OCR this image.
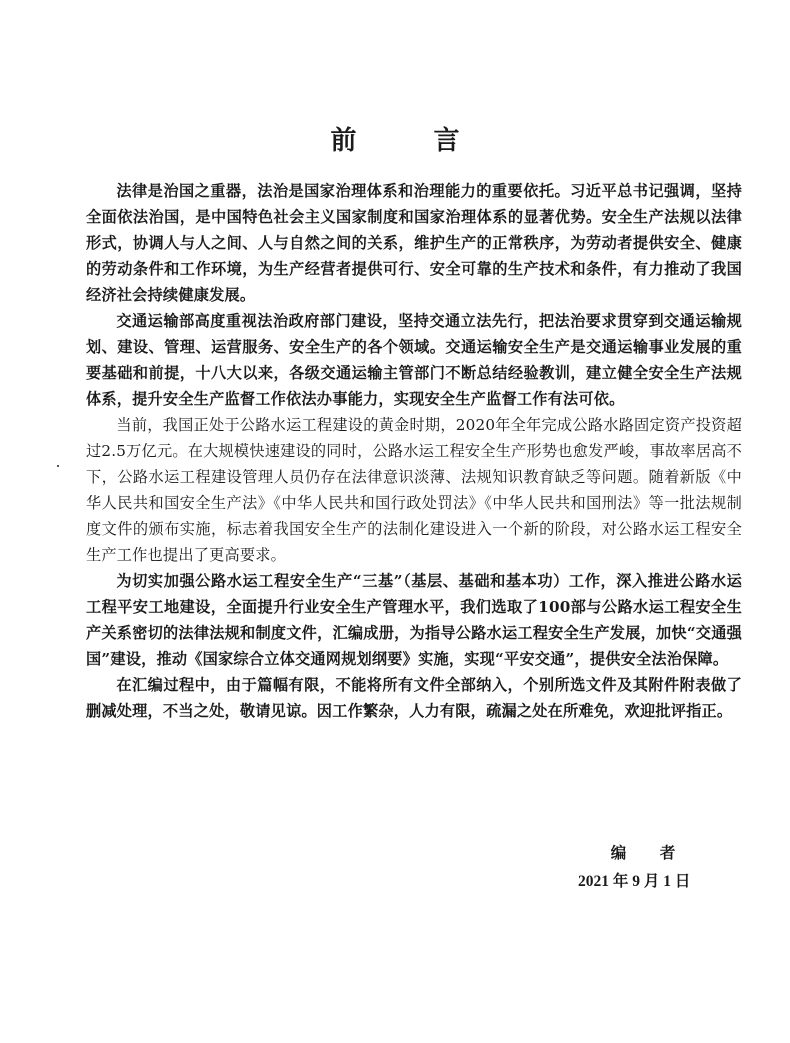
前 言

法律是治国之重器，法治是国家治理体系和治理能力的重要依托。习近平总书记强调，坚持全面依法治国，是中国特色社会主义国家制度和国家治理体系的显著优势。安全生产法规以法律形式，协调人与人之间、人与自然之间的关系，维护生产的正常秩序，为劳动者提供安全、健康的劳动条件和工作环境，为生产经营者提供可行、安全可靠的生产技术和条件，有力推动了我国经济社会持续健康发展。

交通运输部高度重视法治政府部门建设，坚持交通立法先行，把法治要求贯穿到交通运输规划、建设、管理、运营服务、安全生产的各个领域。交通运输安全生产是交通运输事业发展的重要基础和前提，十八大以来，各级交通运输主管部门不断总结经验教训，建立健全安全生产法规体系，提升安全生产监督工作依法办事能力，实现安全生产监督工作有法可依。

当前，我国正处于公路水运工程建设的黄金时期，2020年全年完成公路水路固定资产投资超过2.5万亿元。在大规模快速建设的同时，公路水运工程安全生产形势也愈发严峻，事故率居高不下，公路水运工程建设管理人员仍存在法律意识淡薄、法规知识教育缺乏等问题。随着新版《中华人民共和国安全生产法》《中华人民共和国行政处罚法》《中华人民共和国刑法》等一批法规制度文件的颁布实施，标志着我国安全生产的法制化建设进入一个新的阶段，对公路水运工程安全生产工作也提出了更高要求。

为切实加强公路水运工程安全生产“三基”（基层、基础和基本功）工作，深入推进公路水运工程平安工地建设，全面提升行业安全生产管理水平，我们选取了100部与公路水运工程安全生产关系密切的法律法规和制度文件，汇编成册，为指导公路水运工程安全生产发展，加快“交通强国”建设，推动《国家综合立体交通网规划纲要》实施，实现“平安交通”，提供安全法治保障。

在汇编过程中，由于篇幅有限，不能将所有文件全部纳入，个别所选文件及其附件附表做了删减处理，不当之处，敬请见谅。因工作繁杂，人力有限，疏漏之处在所难免，欢迎批评指正。

编 者

2021 年 9 月 1 日
